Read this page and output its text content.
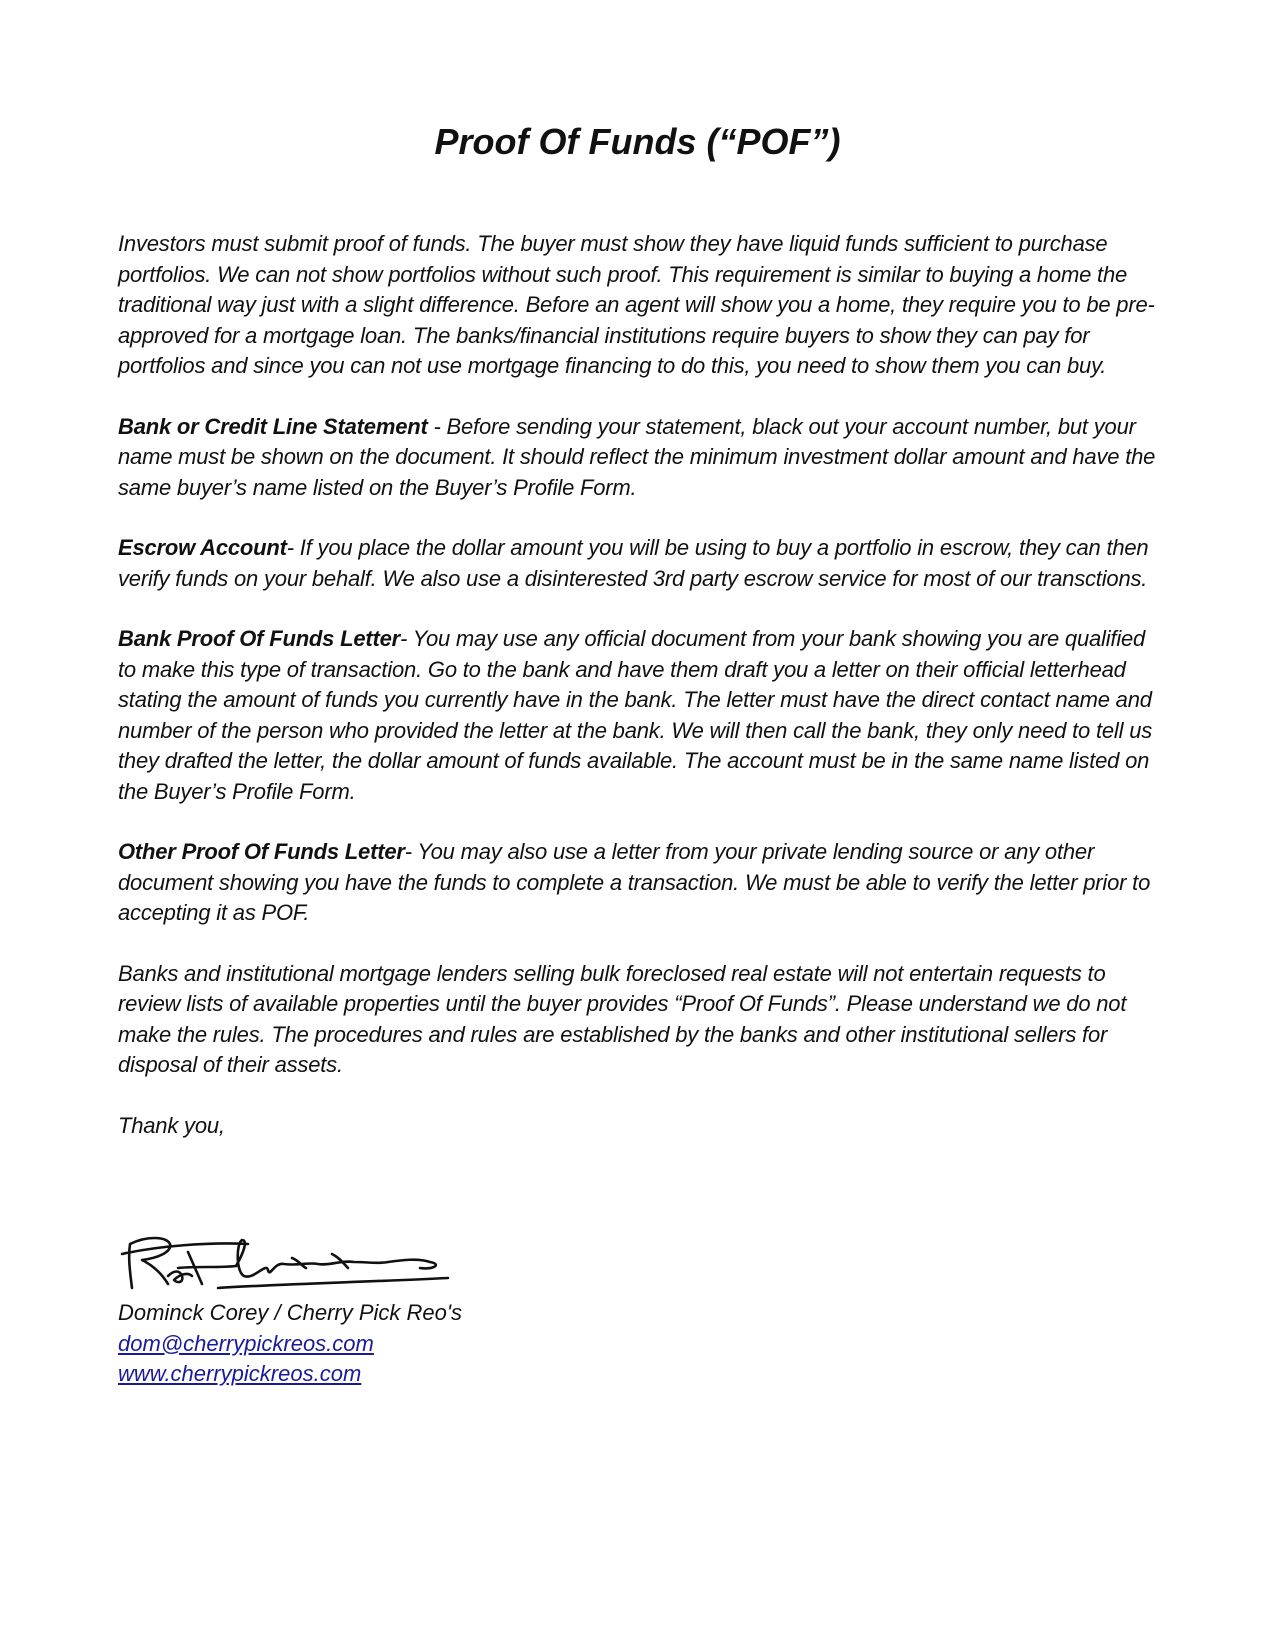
Proof Of Funds (“POF”)

Investors must submit proof of funds. The buyer must show they have liquid funds sufficient to purchase portfolios. We can not show portfolios without such proof. This requirement is similar to buying a home the traditional way just with a slight difference. Before an agent will show you a home, they require you to be pre-approved for a mortgage loan. The banks/financial institutions require buyers to show they can pay for portfolios and since you can not use mortgage financing to do this, you need to show them you can buy.

Bank or Credit Line Statement - Before sending your statement, black out your account number, but your name must be shown on the document. It should reflect the minimum investment dollar amount and have the same buyer’s name listed on the Buyer’s Profile Form.

Escrow Account- If you place the dollar amount you will be using to buy a portfolio in escrow, they can then verify funds on your behalf. We also use a disinterested 3rd party escrow service for most of our transctions.

Bank Proof Of Funds Letter- You may use any official document from your bank showing you are qualified to make this type of transaction. Go to the bank and have them draft you a letter on their official letterhead stating the amount of funds you currently have in the bank. The letter must have the direct contact name and number of the person who provided the letter at the bank. We will then call the bank, they only need to tell us they drafted the letter, the dollar amount of funds available. The account must be in the same name listed on the Buyer’s Profile Form.

Other Proof Of Funds Letter- You may also use a letter from your private lending source or any other document showing you have the funds to complete a transaction. We must be able to verify the letter prior to accepting it as POF.

Banks and institutional mortgage lenders selling bulk foreclosed real estate will not entertain requests to review lists of available properties until the buyer provides “Proof Of Funds”. Please understand we do not make the rules. The procedures and rules are established by the banks and other institutional sellers for disposal of their assets.

Thank you,

Dominck Corey / Cherry Pick Reo's
dom@cherrypickreos.com
www.cherrypickreos.com
